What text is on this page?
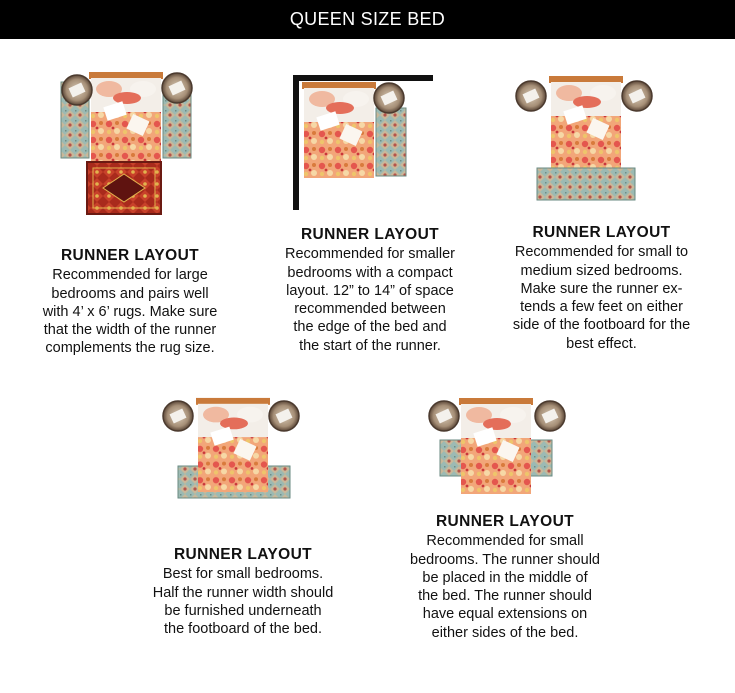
QUEEN SIZE BED
RUNNER LAYOUT
Recommended for large
bedrooms and pairs well
with 4’ x 6’ rugs. Make sure
that the width of the runner
complements the rug size.
RUNNER LAYOUT
Recommended for smaller
bedrooms with a compact
layout. 12” to 14” of space
recommended between
the edge of the bed and
the start of the runner.
RUNNER LAYOUT
Recommended for small to
medium sized bedrooms.
Make sure the runner ex-
tends a few feet on either
side of the footboard for the
best effect.
RUNNER LAYOUT
Best for small bedrooms.
Half the runner width should
be furnished underneath
the footboard of the bed.
RUNNER LAYOUT
Recommended for small
bedrooms. The runner should
be placed in the middle of
the bed. The runner should
have equal extensions on
either sides of the bed.
